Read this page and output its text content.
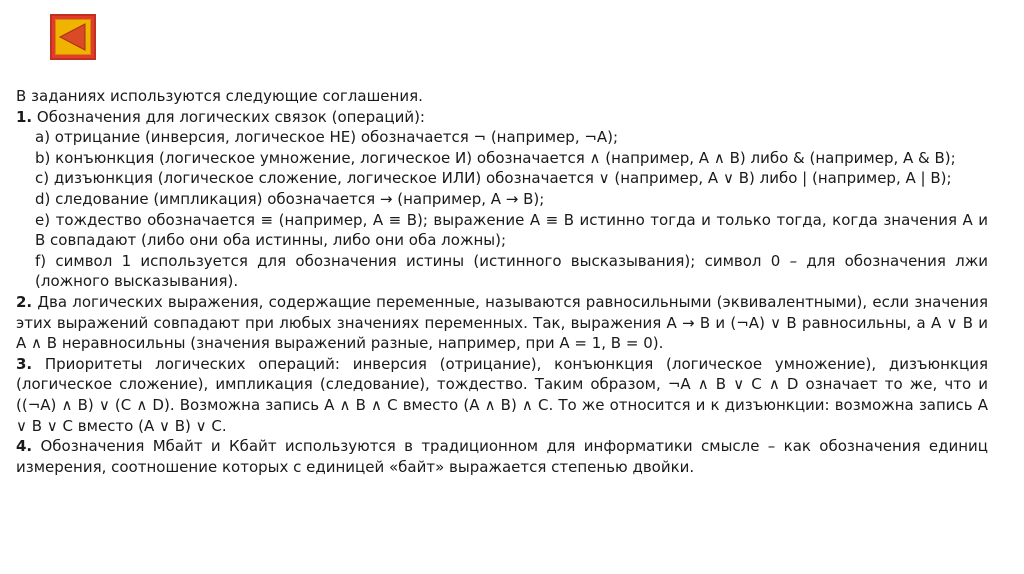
В заданиях используются следующие соглашения.

1. Обозначения для логических связок (операций):

a) отрицание (инверсия, логическое НЕ) обозначается ¬ (например, ¬А);

b) конъюнкция (логическое умножение, логическое И) обозначается ∧ (например, А ∧ В) либо & (например, А & В);

c) дизъюнкция (логическое сложение, логическое ИЛИ) обозначается ∨ (например, А ∨ В) либо | (например, А | В);

d) следование (импликация) обозначается → (например, А → В);

e) тождество обозначается ≡ (например, A ≡ B); выражение A ≡ B истинно тогда и только тогда, когда значения A и B совпадают (либо они оба истинны, либо они оба ложны);

f) символ 1 используется для обозначения истины (истинного высказывания); символ 0 – для обозначения лжи (ложного высказывания).

2. Два логических выражения, содержащие переменные, называются равносильными (эквивалентными), если значения этих выражений совпадают при любых значениях переменных. Так, выражения А → В и (¬А) ∨ В равносильны, а А ∨ В и А ∧ В неравносильны (значения выражений разные, например, при А = 1, В = 0).

3. Приоритеты логических операций: инверсия (отрицание), конъюнкция (логическое умножение), дизъюнкция (логическое сложение), импликация (следование), тождество. Таким образом, ¬А ∧ В ∨ С ∧ D означает то же, что и ((¬А) ∧ В) ∨ (С ∧ D). Возможна запись А ∧ В ∧ С вместо (А ∧ В) ∧ С. То же относится и к дизъюнкции: возможна запись А ∨ В ∨ С вместо (А ∨ В) ∨ С.

4. Обозначения Мбайт и Кбайт используются в традиционном для информатики смысле – как обозначения единиц измерения, соотношение которых с единицей «байт» выражается степенью двойки.
